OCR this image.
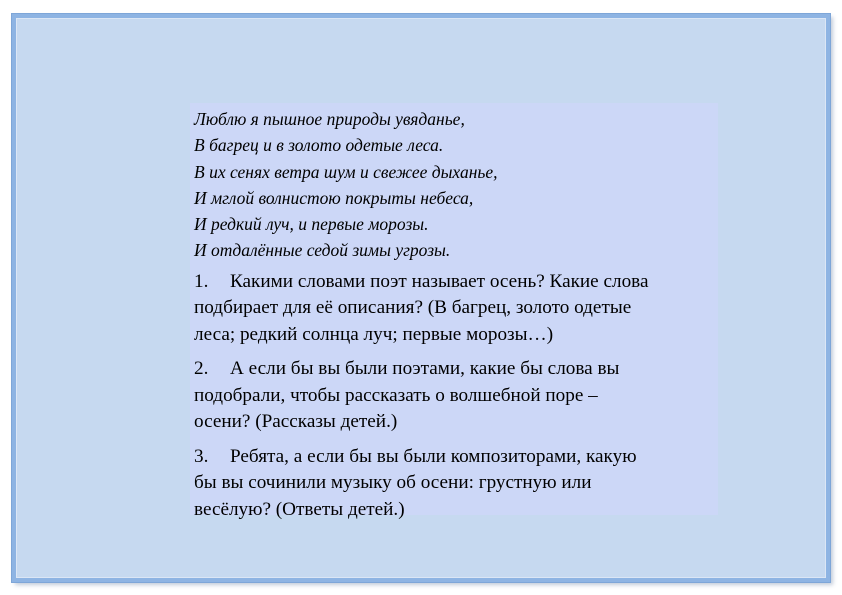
Люблю я пышное природы увяданье,
В багрец и в золото одетые леса.
В их сенях ветра шум и свежее дыханье,
И мглой волнистою покрыты небеса,
И редкий луч, и первые морозы.
И отдалённые седой зимы угрозы.
1. Какими словами поэт называет осень? Какие слова
подбирает для её описания? (В багрец, золото одетые
леса; редкий солнца луч; первые морозы…)
2. А если бы вы были поэтами, какие бы слова вы
подобрали, чтобы рассказать о волшебной поре –
осени? (Рассказы детей.)
3. Ребята, а если бы вы были композиторами, какую
бы вы сочинили музыку об осени: грустную или
весёлую? (Ответы детей.)
